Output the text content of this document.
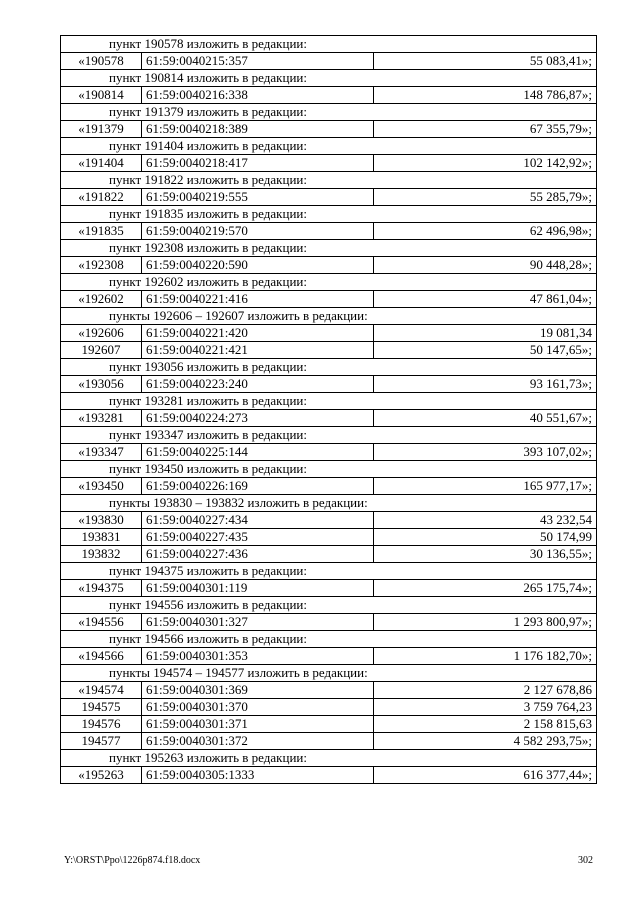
пункт 190578 изложить в редакции:		
«190578	61:59:0040215:357	55 083,41»;
пункт 190814 изложить в редакции:		
«190814	61:59:0040216:338	148 786,87»;
пункт 191379 изложить в редакции:		
«191379	61:59:0040218:389	67 355,79»;
пункт 191404 изложить в редакции:		
«191404	61:59:0040218:417	102 142,92»;
пункт 191822 изложить в редакции:		
«191822	61:59:0040219:555	55 285,79»;
пункт 191835 изложить в редакции:		
«191835	61:59:0040219:570	62 496,98»;
пункт 192308 изложить в редакции:		
«192308	61:59:0040220:590	90 448,28»;
пункт 192602 изложить в редакции:		
«192602	61:59:0040221:416	47 861,04»;
пункты 192606 – 192607 изложить в редакции:		
«192606	61:59:0040221:420	19 081,34
192607	61:59:0040221:421	50 147,65»;
пункт 193056 изложить в редакции:		
«193056	61:59:0040223:240	93 161,73»;
пункт 193281 изложить в редакции:		
«193281	61:59:0040224:273	40 551,67»;
пункт 193347 изложить в редакции:		
«193347	61:59:0040225:144	393 107,02»;
пункт 193450 изложить в редакции:		
«193450	61:59:0040226:169	165 977,17»;
пункты 193830 – 193832 изложить в редакции:		
«193830	61:59:0040227:434	43 232,54
193831	61:59:0040227:435	50 174,99
193832	61:59:0040227:436	30 136,55»;
пункт 194375 изложить в редакции:		
«194375	61:59:0040301:119	265 175,74»;
пункт 194556 изложить в редакции:		
«194556	61:59:0040301:327	1 293 800,97»;
пункт 194566 изложить в редакции:		
«194566	61:59:0040301:353	1 176 182,70»;
пункты 194574 – 194577 изложить в редакции:		
«194574	61:59:0040301:369	2 127 678,86
194575	61:59:0040301:370	3 759 764,23
194576	61:59:0040301:371	2 158 815,63
194577	61:59:0040301:372	4 582 293,75»;
пункт 195263 изложить в редакции:		
«195263	61:59:0040305:1333	616 377,44»;
Y:\ORST\Ppo\1226p874.f18.docx	302
